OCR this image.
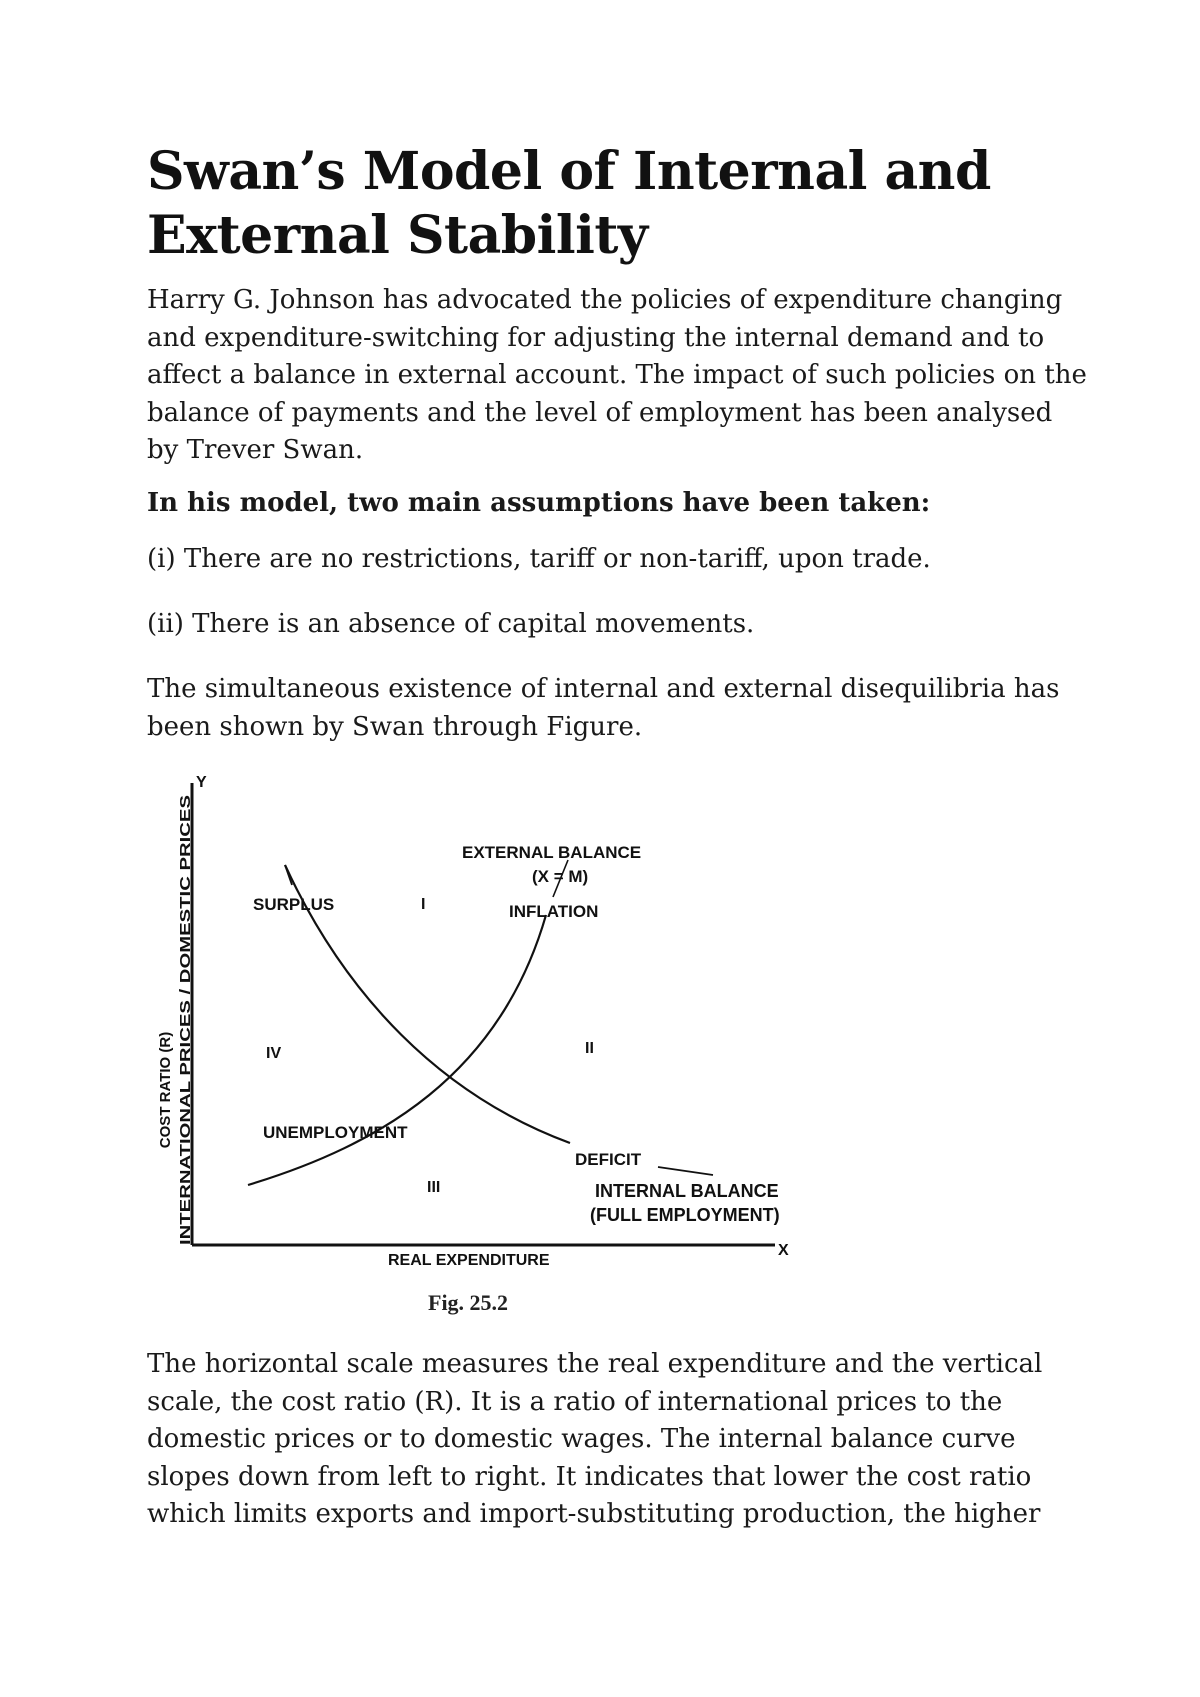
Swan’s Model of Internal and External Stability

Harry G. Johnson has advocated the policies of expenditure changing and expenditure-switching for adjusting the internal demand and to affect a balance in external account. The impact of such policies on the balance of payments and the level of employment has been analysed by Trever Swan.

In his model, two main assumptions have been taken:

(i) There are no restrictions, tariff or non-tariff, upon trade.

(ii) There is an absence of capital movements.

The simultaneous existence of internal and external disequilibria has been shown by Swan through Figure.

Y
X
COST RATIO (R) INTERNATIONAL PRICES / DOMESTIC PRICES
REAL EXPENDITURE
EXTERNAL BALANCE
(X = M)
INFLATION
SURPLUS	I
IV	II
UNEMPLOYMENT
III
DEFICIT
INTERNAL BALANCE
(FULL EMPLOYMENT)

Fig. 25.2

The horizontal scale measures the real expenditure and the vertical scale, the cost ratio (R). It is a ratio of international prices to the domestic prices or to domestic wages. The internal balance curve slopes down from left to right. It indicates that lower the cost ratio which limits exports and import-substituting production, the higher
